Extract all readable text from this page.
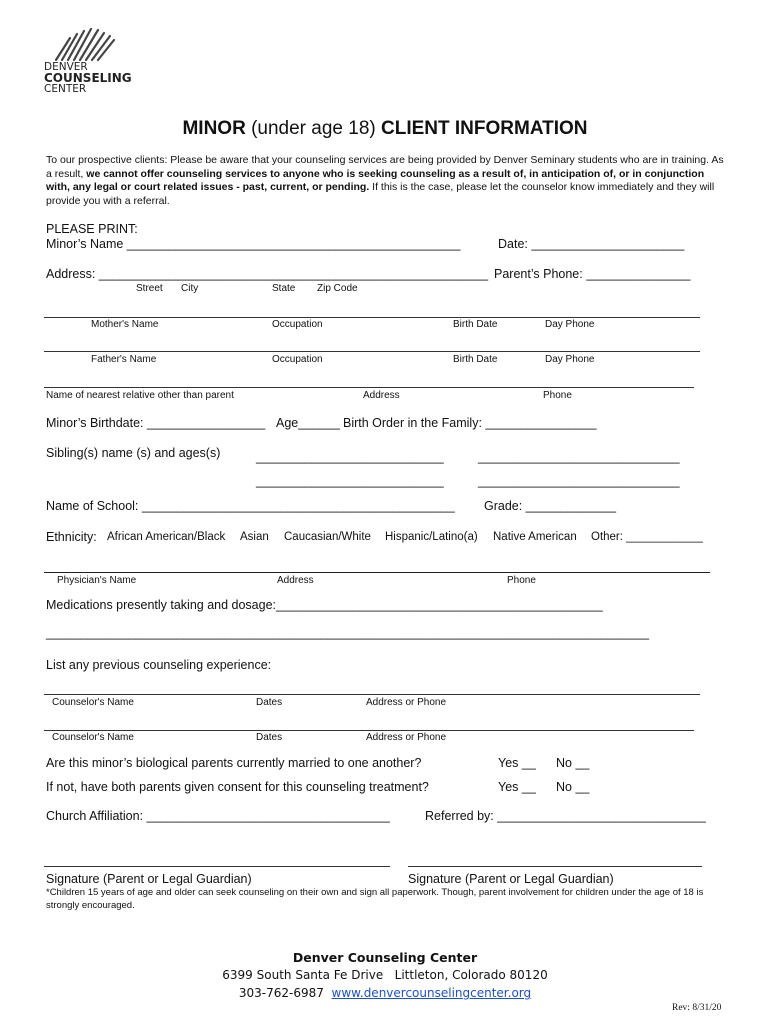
DENVER
COUNSELING
CENTER
MINOR (under age 18) CLIENT INFORMATION
To our prospective clients: Please be aware that your counseling services are being provided by Denver Seminary students who are in training. As a result, we cannot offer counseling services to anyone who is seeking counseling as a result of, in anticipation of, or in conjunction with, any legal or court related issues - past, current, or pending. If this is the case, please let the counselor know immediately and they will provide you with a referral.
PLEASE PRINT:
Minor’s Name ________________________________________________	Date: ______________________
Address: ________________________________________________________ Parent’s Phone: _______________
Street City	State Zip Code
Mother's Name	Occupation	Birth Date	Day Phone
Father's Name	Occupation	Birth Date	Day Phone
Name of nearest relative other than parent	Address	Phone
Minor’s Birthdate: _________________ Age______ Birth Order in the Family: ________________
Sibling(s) name (s) and ages(s)	___________________________	_____________________________
___________________________	_____________________________
Name of School: _____________________________________________ Grade: _____________
Ethnicity: African American/Black Asian Caucasian/White Hispanic/Latino(a) Native American Other: ____________
Physician's Name	Address	Phone
Medications presently taking and dosage:_______________________________________________
________________________________________________________________________________________
List any previous counseling experience:
Counselor's Name	Dates	Address or Phone
Counselor's Name	Dates	Address or Phone
Are this minor’s biological parents currently married to one another?	Yes __ No __
If not, have both parents given consent for this counseling treatment?	Yes __ No __
Church Affiliation: ___________________________________	Referred by: ______________________________
Signature (Parent or Legal Guardian)	Signature (Parent or Legal Guardian)
*Children 15 years of age and older can seek counseling on their own and sign all paperwork. Though, parent involvement for children under the age of 18 is strongly encouraged.
Denver Counseling Center
6399 South Santa Fe Drive   Littleton, Colorado 80120
303-762-6987 www.denvercounselingcenter.org
Rev: 8/31/20
